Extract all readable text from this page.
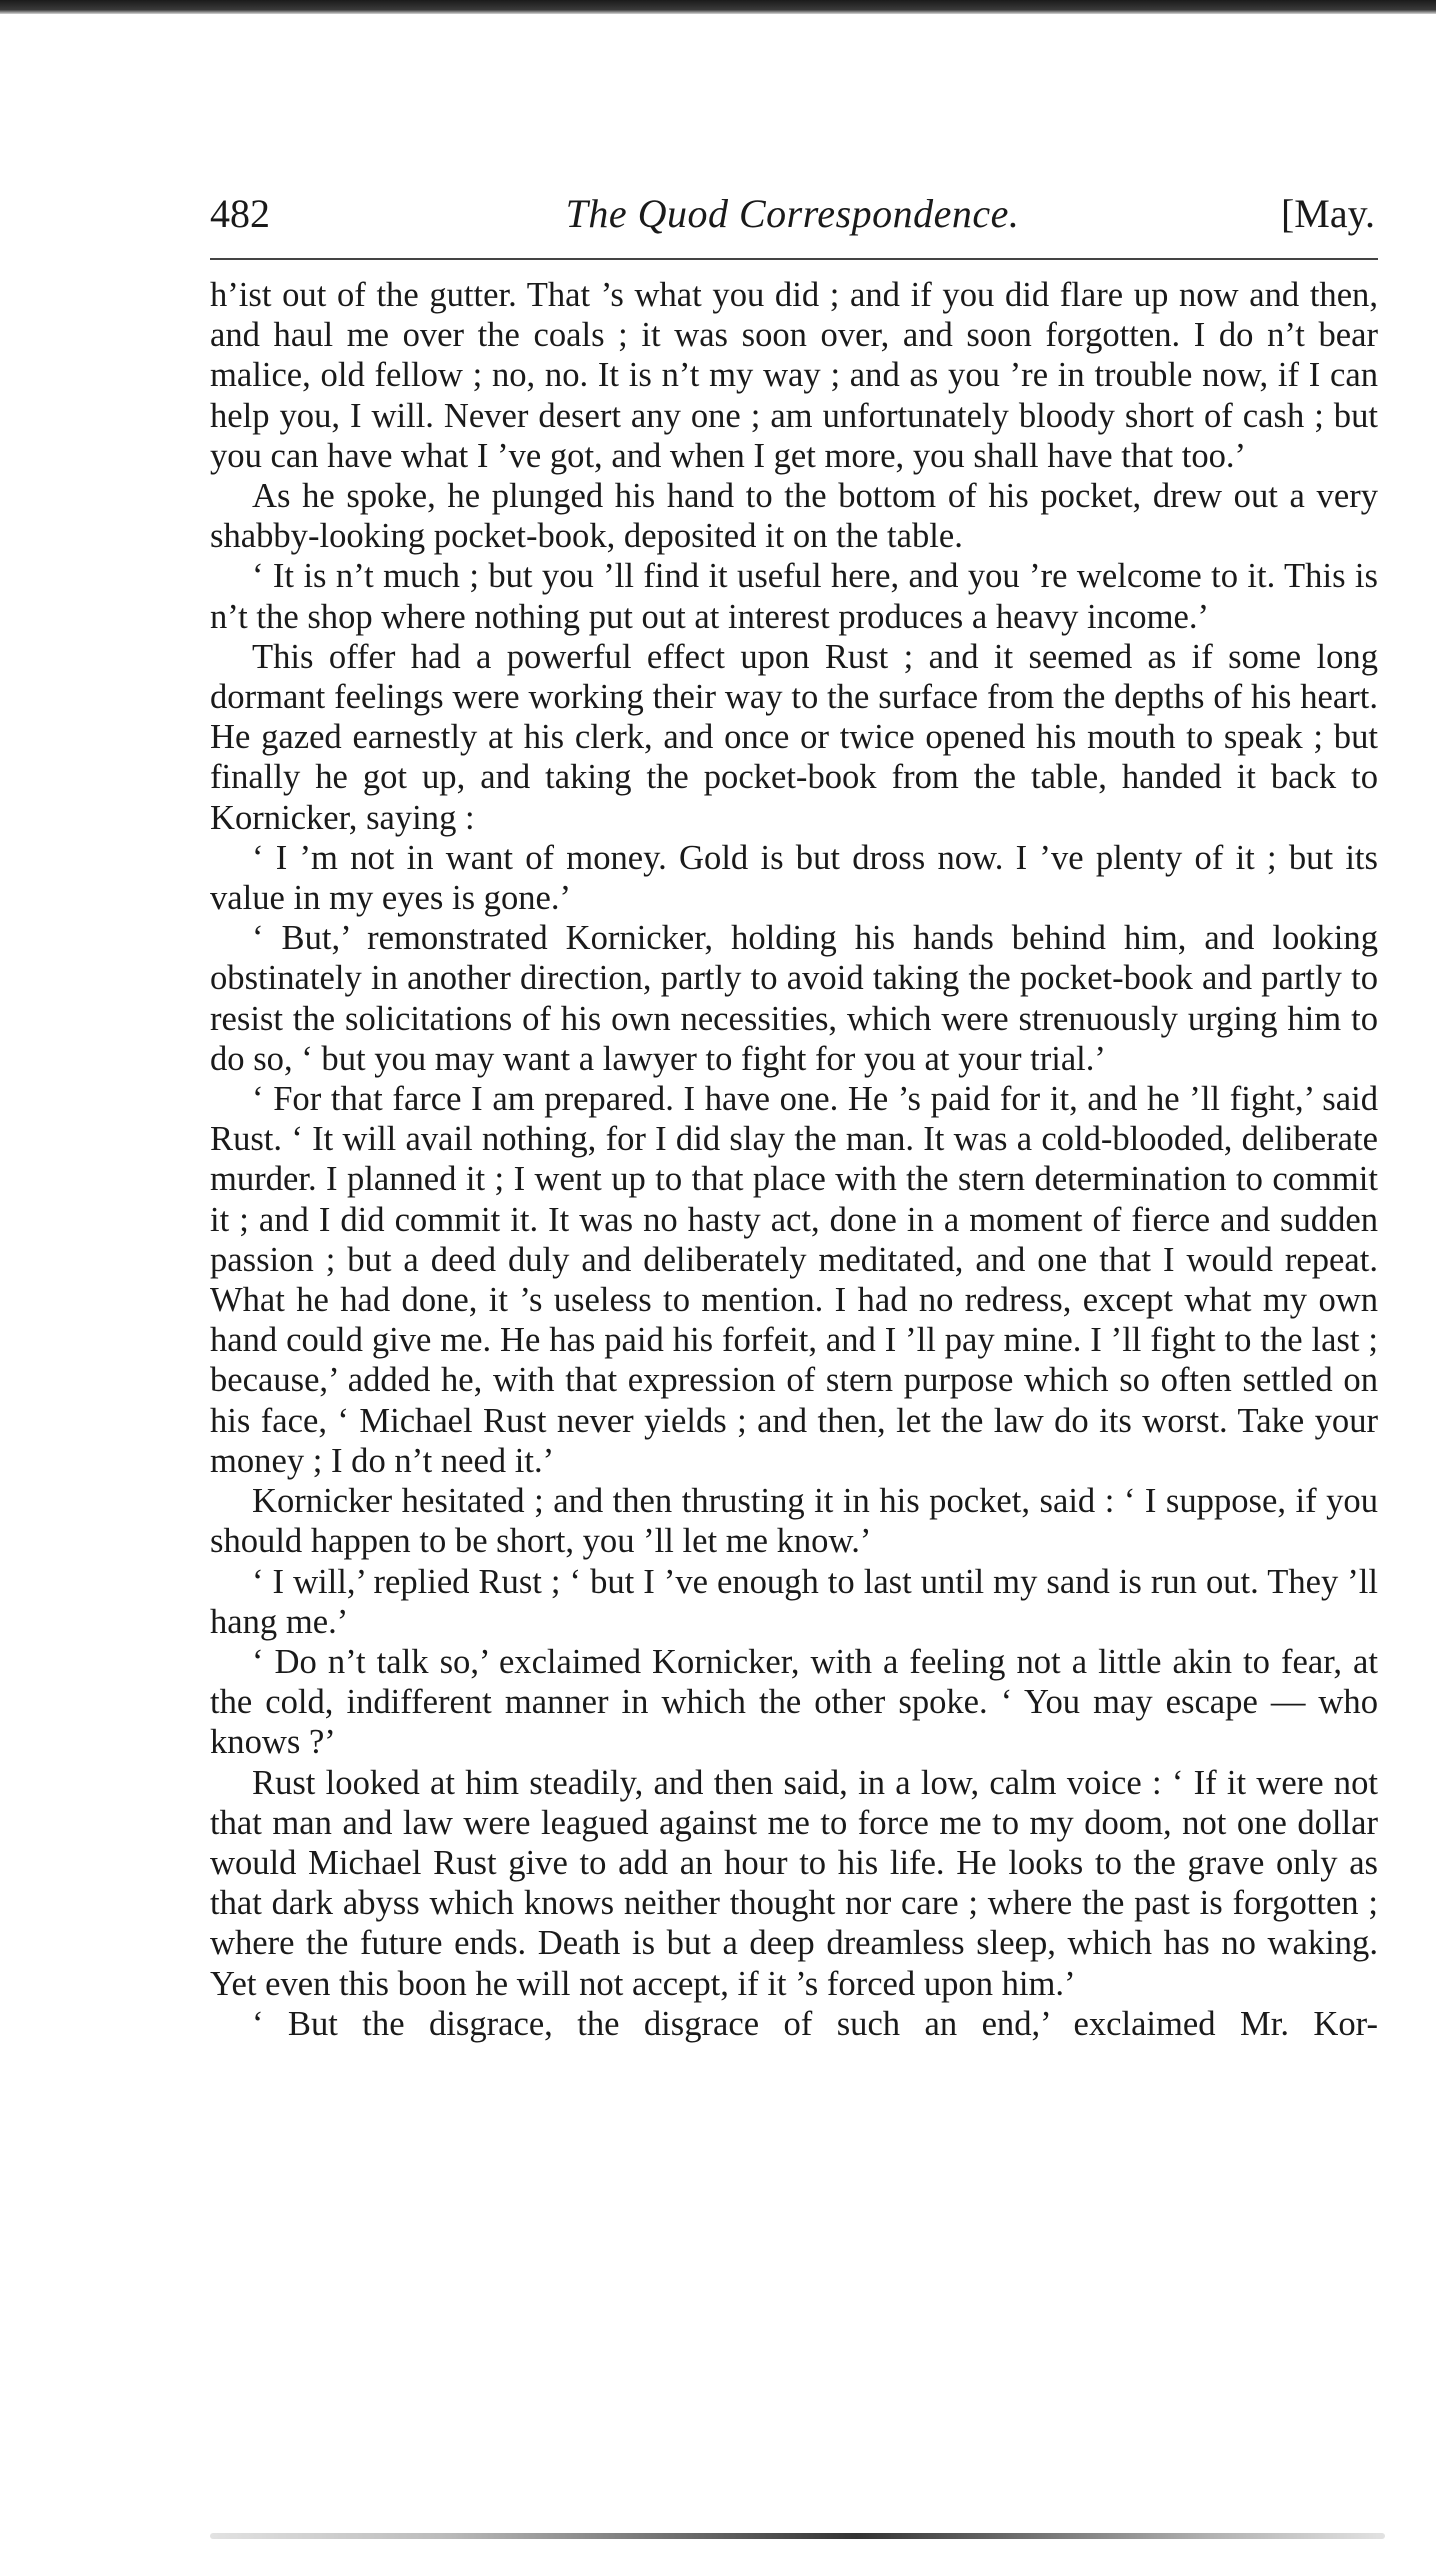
482	The Quod Correspondence.	[May.

h’ist out of the gutter. That ’s what you did ; and if you did flare up now and then, and haul me over the coals ; it was soon over, and soon forgotten. I do n’t bear malice, old fellow ; no, no. It is n’t my way ; and as you ’re in trouble now, if I can help you, I will. Never desert any one ; am unfortunately bloody short of cash ; but you can have what I ’ve got, and when I get more, you shall have that too.’

As he spoke, he plunged his hand to the bottom of his pocket, drew out a very shabby-looking pocket-book, deposited it on the table.

‘ It is n’t much ; but you ’ll find it useful here, and you ’re welcome to it. This is n’t the shop where nothing put out at interest produces a heavy income.’

This offer had a powerful effect upon Rust ; and it seemed as if some long dormant feelings were working their way to the surface from the depths of his heart. He gazed earnestly at his clerk, and once or twice opened his mouth to speak ; but finally he got up, and taking the pocket-book from the table, handed it back to Kornicker, saying :

‘ I ’m not in want of money. Gold is but dross now. I ’ve plenty of it ; but its value in my eyes is gone.’

‘ But,’ remonstrated Kornicker, holding his hands behind him, and looking obstinately in another direction, partly to avoid taking the pocket-book and partly to resist the solicitations of his own necessities, which were strenuously urging him to do so, ‘ but you may want a lawyer to fight for you at your trial.’

‘ For that farce I am prepared. I have one. He ’s paid for it, and he ’ll fight,’ said Rust. ‘ It will avail nothing, for I did slay the man. It was a cold-blooded, deliberate murder. I planned it ; I went up to that place with the stern determination to commit it ; and I did commit it. It was no hasty act, done in a moment of fierce and sudden passion ; but a deed duly and deliberately meditated, and one that I would repeat. What he had done, it ’s useless to mention. I had no redress, except what my own hand could give me. He has paid his forfeit, and I ’ll pay mine. I ’ll fight to the last ; because,’ added he, with that expression of stern purpose which so often settled on his face, ‘ Michael Rust never yields ; and then, let the law do its worst. Take your money ; I do n’t need it.’

Kornicker hesitated ; and then thrusting it in his pocket, said : ‘ I suppose, if you should happen to be short, you ’ll let me know.’

‘ I will,’ replied Rust ; ‘ but I ’ve enough to last until my sand is run out. They ’ll hang me.’

‘ Do n’t talk so,’ exclaimed Kornicker, with a feeling not a little akin to fear, at the cold, indifferent manner in which the other spoke. ‘ You may escape — who knows ?’

Rust looked at him steadily, and then said, in a low, calm voice : ‘ If it were not that man and law were leagued against me to force me to my doom, not one dollar would Michael Rust give to add an hour to his life. He looks to the grave only as that dark abyss which knows neither thought nor care ; where the past is forgotten ; where the future ends. Death is but a deep dreamless sleep, which has no waking. Yet even this boon he will not accept, if it ’s forced upon him.’

‘ But the disgrace, the disgrace of such an end,’ exclaimed Mr. Kor-
